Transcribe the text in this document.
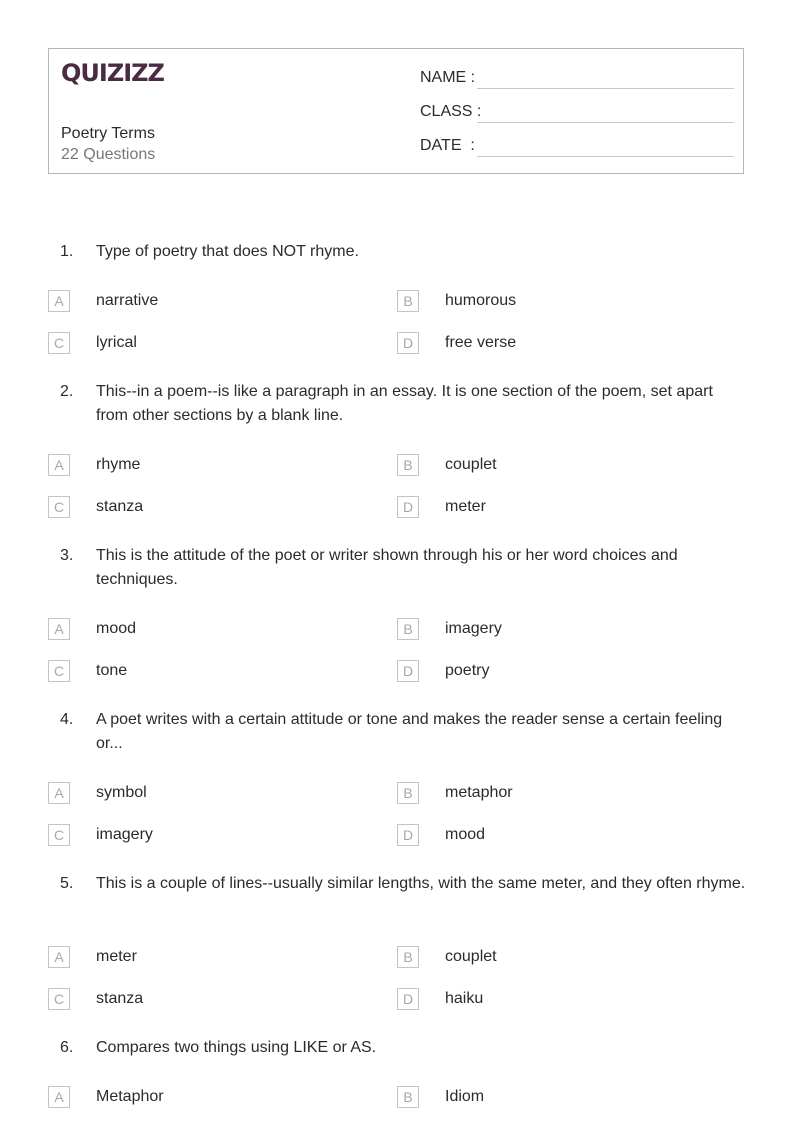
QUIZIZZ
Poetry Terms
22 Questions
NAME :
CLASS :
DATE  :
1. Type of poetry that does NOT rhyme.
A	narrative	B	humorous
C	lyrical	D	free verse
2. This--in a poem--is like a paragraph in an essay. It is one section of the poem, set apart from other sections by a blank line.
A	rhyme	B	couplet
C	stanza	D	meter
3. This is the attitude of the poet or writer shown through his or her word choices and techniques.
A	mood	B	imagery
C	tone	D	poetry
4. A poet writes with a certain attitude or tone and makes the reader sense a certain feeling or...
A	symbol	B	metaphor
C	imagery	D	mood
5. This is a couple of lines--usually similar lengths, with the same meter, and they often rhyme.
A	meter	B	couplet
C	stanza	D	haiku
6. Compares two things using LIKE or AS.
A	Metaphor	B	Idiom
